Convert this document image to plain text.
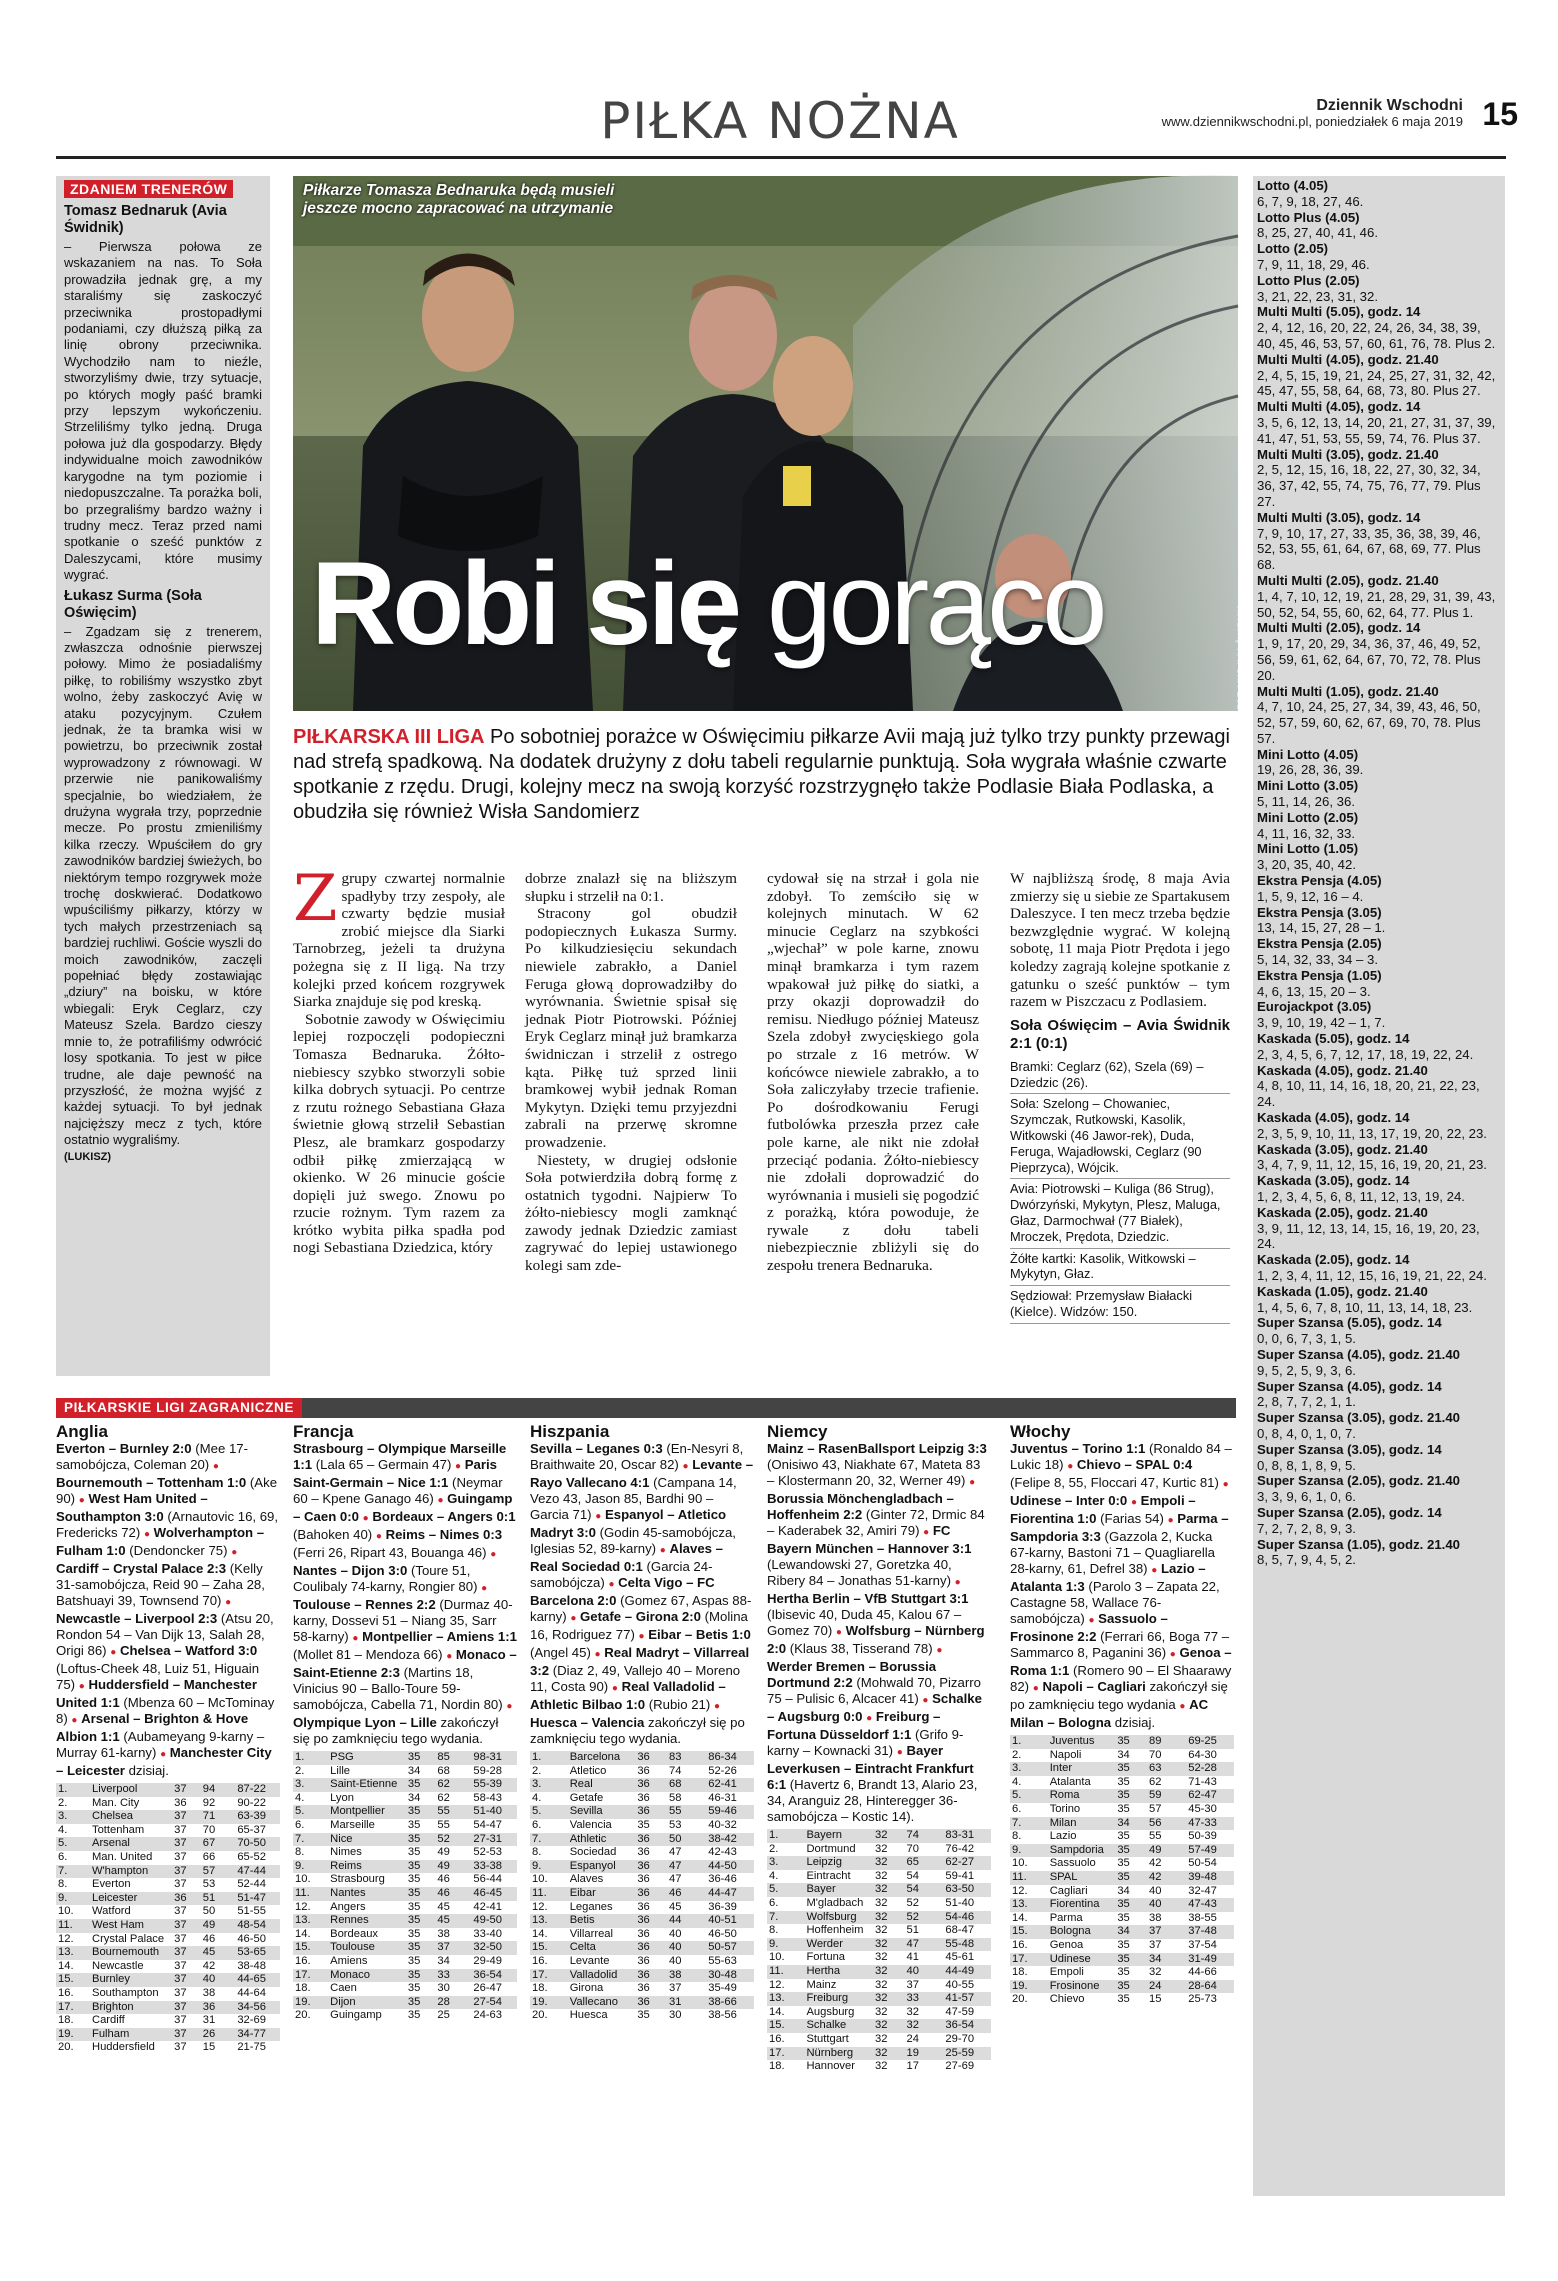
PIŁKA NOŻNA	Dziennik Wschodni
www.dziennikwschodni.pl, poniedziałek 6 maja 2019 15
ZDANIEM TRENERÓW
Tomasz Bednaruk (Avia Świdnik)
– Pierwsza połowa ze wskazaniem na nas. To Soła prowadziła jednak grę, a my staraliśmy się zaskoczyć przeciwnika prostopadłymi podaniami, czy dłuższą piłką za linię obrony przeciwnika. Wychodziło nam to nieźle, stworzyliśmy dwie, trzy sytuacje, po których mogły paść bramki przy lepszym wykończeniu. Strzeliliśmy tylko jedną. Druga połowa już dla gospodarzy. Błędy indywidualne moich zawodników karygodne na tym poziomie i niedopuszczalne. Ta porażka boli, bo przegraliśmy bardzo ważny i trudny mecz. Teraz przed nami spotkanie o sześć punktów z Daleszycami, które musimy wygrać.
Łukasz Surma (Soła Oświęcim)
– Zgadzam się z trenerem, zwłaszcza odnośnie pierwszej połowy. Mimo że posiadaliśmy piłkę, to robiliśmy wszystko zbyt wolno, żeby zaskoczyć Avię w ataku pozycyjnym. Czułem jednak, że ta bramka wisi w powietrzu, bo przeciwnik został wyprowadzony z równowagi. W przerwie nie panikowaliśmy specjalnie, bo wiedziałem, że drużyna wygrała trzy, poprzednie mecze. Po prostu zmieniliśmy kilka rzeczy. Wpuściłem do gry zawodników bardziej świeżych, bo niektórym tempo rozgrywek może trochę doskwierać. Dodatkowo wpuściliśmy piłkarzy, którzy w tych małych przestrzeniach są bardziej ruchliwi. Goście wyszli do moich zawodników, zaczęli popełniać błędy zostawiając „dziury” na boisku, w które wbiegali: Eryk Ceglarz, czy Mateusz Szela. Bardzo cieszy mnie to, że potrafiliśmy odwrócić losy spotkania. To jest w piłce trudne, ale daje pewność na przyszłość, że można wyjść z każdej sytuacji. To był jednak najcięższy mecz z tych, które ostatnio wygraliśmy.
(LUKISZ)
Piłkarze Tomasza Bednaruka będą musieli jeszcze mocno zapracować na utrzymanie
Robi się gorąco	FOT. MKS AVIA ŚWIDNIK
PIŁKARSKA III LIGA Po sobotniej porażce w Oświęcimiu piłkarze Avii mają już tylko trzy punkty przewagi nad strefą spadkową. Na dodatek drużyny z dołu tabeli regularnie punktują. Soła wygrała właśnie czwarte spotkanie z rzędu. Drugi, kolejny mecz na swoją korzyść rozstrzygnęło także Podlasie Biała Podlaska, a obudziła się również Wisła Sandomierz

Zgrupy czwartej normalnie spadłyby trzy zespoły, ale czwarty będzie musiał zrobić miejsce dla Siarki Tarnobrzeg, jeżeli ta drużyna pożegna się z II ligą. Na trzy kolejki przed końcem rozgrywek Siarka znajduje się pod kreską.

Sobotnie zawody w Oświęcimiu lepiej rozpoczęli podopieczni Tomasza Bednaruka. Żółto-niebiescy szybko stworzyli sobie kilka dobrych sytuacji. Po centrze z rzutu rożnego Sebastiana Głaza świetnie głową strzelił Sebastian Plesz, ale bramkarz gospodarzy odbił piłkę zmierzającą w okienko. W 26 minucie goście dopięli już swego. Znowu po rzucie rożnym. Tym razem za krótko wybita piłka spadła pod nogi Sebastiana Dziedzica, który

dobrze znalazł się na bliższym słupku i strzelił na 0:1.

Stracony gol obudził podopiecznych Łukasza Surmy. Po kilkudziesięciu sekundach niewiele zabrakło, a Daniel Feruga głową doprowadziłby do wyrównania. Świetnie spisał się jednak Piotr Piotrowski. Później Eryk Ceglarz minął już bramkarza świdniczan i strzelił z ostrego kąta. Piłkę tuż sprzed linii bramkowej wybił jednak Roman Mykytyn. Dzięki temu przyjezdni zabrali na przerwę skromne prowadzenie.

Niestety, w drugiej odsłonie Soła potwierdziła dobrą formę z ostatnich tygodni. Najpierw To żółto-niebiescy mogli zamknąć zawody jednak Dziedzic zamiast zagrywać do lepiej ustawionego kolegi sam zde-

cydował się na strzał i gola nie zdobył. To zemściło się w kolejnych minutach. W 62 minucie Ceglarz na szybkości „wjechał” w pole karne, znowu minął bramkarza i tym razem wpakował już piłkę do siatki, a przy okazji doprowadził do remisu. Niedługo później Mateusz Szela zdobył zwycięskiego gola po strzale z 16 metrów. W końcówce niewiele zabrakło, a to Soła zaliczyłaby trzecie trafienie. Po dośrodkowaniu Ferugi futbolówka przeszła przez całe pole karne, ale nikt nie zdołał przeciąć podania. Żółto-niebiescy nie zdołali doprowadzić do wyrównania i musieli się pogodzić z porażką, która powoduje, że rywale z dołu tabeli niebezpiecznie zbliżyli się do zespołu trenera Bednaruka.

W najbliższą środę, 8 maja Avia zmierzy się u siebie ze Spartakusem Daleszyce. I ten mecz trzeba będzie bezwzględnie wygrać. W kolejną sobotę, 11 maja Piotr Prędota i jego koledzy zagrają kolejne spotkanie z gatunku o sześć punktów – tym razem w Piszczacu z Podlasiem.

Soła Oświęcim – Avia Świdnik 2:1 (0:1)
Bramki: Ceglarz (62), Szela (69) – Dziedzic (26).
Soła: Szelong – Chowaniec, Szymczak, Rutkowski, Kasolik, Witkowski (46 Jawor-rek), Duda, Feruga, Wajadłowski, Ceglarz (90 Pieprzyca), Wójcik.
Avia: Piotrowski – Kuliga (86 Strug), Dwórzyński, Mykytyn, Plesz, Maluga, Głaz, Darmochwał (77 Białek), Mroczek, Prędota, Dziedzic.
Żółte kartki: Kasolik, Witkowski – Mykytyn, Głaz.
Sędziował: Przemysław Białacki (Kielce). Widzów: 150.
Lotto (4.05)
6, 7, 9, 18, 27, 46.
Lotto Plus (4.05)
8, 25, 27, 40, 41, 46.
Lotto (2.05)
7, 9, 11, 18, 29, 46.
Lotto Plus (2.05)
3, 21, 22, 23, 31, 32.
Multi Multi (5.05), godz. 14
2, 4, 12, 16, 20, 22, 24, 26, 34, 38, 39, 40, 45, 46, 53, 57, 60, 61, 76, 78. Plus 2.
Multi Multi (4.05), godz. 21.40
2, 4, 5, 15, 19, 21, 24, 25, 27, 31, 32, 42, 45, 47, 55, 58, 64, 68, 73, 80. Plus 27.
Multi Multi (4.05), godz. 14
3, 5, 6, 12, 13, 14, 20, 21, 27, 31, 37, 39, 41, 47, 51, 53, 55, 59, 74, 76. Plus 37.
Multi Multi (3.05), godz. 21.40
2, 5, 12, 15, 16, 18, 22, 27, 30, 32, 34, 36, 37, 42, 55, 74, 75, 76, 77, 79. Plus 27.
Multi Multi (3.05), godz. 14
7, 9, 10, 17, 27, 33, 35, 36, 38, 39, 46, 52, 53, 55, 61, 64, 67, 68, 69, 77. Plus 68.
Multi Multi (2.05), godz. 21.40
1, 4, 7, 10, 12, 19, 21, 28, 29, 31, 39, 43, 50, 52, 54, 55, 60, 62, 64, 77. Plus 1.
Multi Multi (2.05), godz. 14
1, 9, 17, 20, 29, 34, 36, 37, 46, 49, 52, 56, 59, 61, 62, 64, 67, 70, 72, 78. Plus 20.
Multi Multi (1.05), godz. 21.40
4, 7, 10, 24, 25, 27, 34, 39, 43, 46, 50, 52, 57, 59, 60, 62, 67, 69, 70, 78. Plus 57.
Mini Lotto (4.05)
19, 26, 28, 36, 39.
Mini Lotto (3.05)
5, 11, 14, 26, 36.
Mini Lotto (2.05)
4, 11, 16, 32, 33.
Mini Lotto (1.05)
3, 20, 35, 40, 42.
Ekstra Pensja (4.05)
1, 5, 9, 12, 16 – 4.
Ekstra Pensja (3.05)
13, 14, 15, 27, 28 – 1.
Ekstra Pensja (2.05)
5, 14, 32, 33, 34 – 3.
Ekstra Pensja (1.05)
4, 6, 13, 15, 20 – 3.
Eurojackpot (3.05)
3, 9, 10, 19, 42 – 1, 7.
Kaskada (5.05), godz. 14
2, 3, 4, 5, 6, 7, 12, 17, 18, 19, 22, 24.
Kaskada (4.05), godz. 21.40
4, 8, 10, 11, 14, 16, 18, 20, 21, 22, 23, 24.
Kaskada (4.05), godz. 14
2, 3, 5, 9, 10, 11, 13, 17, 19, 20, 22, 23.
Kaskada (3.05), godz. 21.40
3, 4, 7, 9, 11, 12, 15, 16, 19, 20, 21, 23.
Kaskada (3.05), godz. 14
1, 2, 3, 4, 5, 6, 8, 11, 12, 13, 19, 24.
Kaskada (2.05), godz. 21.40
3, 9, 11, 12, 13, 14, 15, 16, 19, 20, 23, 24.
Kaskada (2.05), godz. 14
1, 2, 3, 4, 11, 12, 15, 16, 19, 21, 22, 24.
Kaskada (1.05), godz. 21.40
1, 4, 5, 6, 7, 8, 10, 11, 13, 14, 18, 23.
Super Szansa (5.05), godz. 14
0, 0, 6, 7, 3, 1, 5.
Super Szansa (4.05), godz. 21.40
9, 5, 2, 5, 9, 3, 6.
Super Szansa (4.05), godz. 14
2, 8, 7, 7, 2, 1, 1.
Super Szansa (3.05), godz. 21.40
0, 8, 4, 0, 1, 0, 7.
Super Szansa (3.05), godz. 14
0, 8, 8, 1, 8, 9, 5.
Super Szansa (2.05), godz. 21.40
3, 3, 9, 6, 1, 0, 6.
Super Szansa (2.05), godz. 14
7, 2, 7, 2, 8, 9, 3.
Super Szansa (1.05), godz. 21.40
8, 5, 7, 9, 4, 5, 2.
PIŁKARSKIE LIGI ZAGRANICZNE
Anglia
Everton – Burnley 2:0 (Mee 17-samobójcza, Coleman 20) ● Bournemouth – Tottenham 1:0 (Ake 90) ● West Ham United – Southampton 3:0 (Arnautovic 16, 69, Fredericks 72) ● Wolverhampton – Fulham 1:0 (Dendoncker 75) ● Cardiff – Crystal Palace 2:3 (Kelly 31-samobójcza, Reid 90 – Zaha 28, Batshuayi 39, Townsend 70) ● Newcastle – Liverpool 2:3 (Atsu 20, Rondon 54 – Van Dijk 13, Salah 28, Origi 86) ● Chelsea – Watford 3:0 (Loftus-Cheek 48, Luiz 51, Higuain 75) ● Huddersfield – Manchester United 1:1 (Mbenza 60 – McTominay 8) ● Arsenal – Brighton & Hove Albion 1:1 (Aubameyang 9-karny – Murray 61-karny) ● Manchester City – Leicester dzisiaj.
1.	Liverpool	37	94	87-22
2.	Man. City	36	92	90-22
3.	Chelsea	37	71	63-39
4.	Tottenham	37	70	65-37
5.	Arsenal	37	67	70-50
6.	Man. United	37	66	65-52
7.	W'hampton	37	57	47-44
8.	Everton	37	53	52-44
9.	Leicester	36	51	51-47
10.	Watford	37	50	51-55
11.	West Ham	37	49	48-54
12.	Crystal Palace	37	46	46-50
13.	Bournemouth	37	45	53-65
14.	Newcastle	37	42	38-48
15.	Burnley	37	40	44-65
16.	Southampton	37	38	44-64
17.	Brighton	37	36	34-56
18.	Cardiff	37	31	32-69
19.	Fulham	37	26	34-77
20.	Huddersfield	37	15	21-75
Francja
Strasbourg – Olympique Marseille 1:1 (Lala 65 – Germain 47) ● Paris Saint-Germain – Nice 1:1 (Neymar 60 – Kpene Ganago 46) ● Guingamp – Caen 0:0 ● Bordeaux – Angers 0:1 (Bahoken 40) ● Reims – Nimes 0:3 (Ferri 26, Ripart 43, Bouanga 46) ● Nantes – Dijon 3:0 (Toure 51, Coulibaly 74-karny, Rongier 80) ● Toulouse – Rennes 2:2 (Durmaz 40-karny, Dossevi 51 – Niang 35, Sarr 58-karny) ● Montpellier – Amiens 1:1 (Mollet 81 – Mendoza 66) ● Monaco – Saint-Etienne 2:3 (Martins 18, Vinicius 90 – Ballo-Toure 59-samobójcza, Cabella 71, Nordin 80) ● Olympique Lyon – Lille zakończył się po zamknięciu tego wydania.
1.	PSG	35	85	98-31
2.	Lille	34	68	59-28
3.	Saint-Etienne	35	62	55-39
4.	Lyon	34	62	58-43
5.	Montpellier	35	55	51-40
6.	Marseille	35	55	54-47
7.	Nice	35	52	27-31
8.	Nimes	35	49	52-53
9.	Reims	35	49	33-38
10.	Strasbourg	35	46	56-44
11.	Nantes	35	46	46-45
12.	Angers	35	45	42-41
13.	Rennes	35	45	49-50
14.	Bordeaux	35	38	33-40
15.	Toulouse	35	37	32-50
16.	Amiens	35	34	29-49
17.	Monaco	35	33	36-54
18.	Caen	35	30	26-47
19.	Dijon	35	28	27-54
20.	Guingamp	35	25	24-63
Hiszpania
Sevilla – Leganes 0:3 (En-Nesyri 8, Braithwaite 20, Oscar 82) ● Levante – Rayo Vallecano 4:1 (Campana 14, Vezo 43, Jason 85, Bardhi 90 – Garcia 71) ● Espanyol – Atletico Madryt 3:0 (Godin 45-samobójcza, Iglesias 52, 89-karny) ● Alaves – Real Sociedad 0:1 (Garcia 24-samobójcza) ● Celta Vigo – FC Barcelona 2:0 (Gomez 67, Aspas 88-karny) ● Getafe – Girona 2:0 (Molina 16, Rodriguez 77) ● Eibar – Betis 1:0 (Angel 45) ● Real Madryt – Villarreal 3:2 (Diaz 2, 49, Vallejo 40 – Moreno 11, Costa 90) ● Real Valladolid – Athletic Bilbao 1:0 (Rubio 21) ● Huesca – Valencia zakończył się po zamknięciu tego wydania.
1.	Barcelona	36	83	86-34
2.	Atletico	36	74	52-26
3.	Real	36	68	62-41
4.	Getafe	36	58	46-31
5.	Sevilla	36	55	59-46
6.	Valencia	35	53	40-32
7.	Athletic	36	50	38-42
8.	Sociedad	36	47	42-43
9.	Espanyol	36	47	44-50
10.	Alaves	36	47	36-46
11.	Eibar	36	46	44-47
12.	Leganes	36	45	36-39
13.	Betis	36	44	40-51
14.	Villarreal	36	40	46-50
15.	Celta	36	40	50-57
16.	Levante	36	40	55-63
17.	Valladolid	36	38	30-48
18.	Girona	36	37	35-49
19.	Vallecano	36	31	38-66
20.	Huesca	35	30	38-56
Niemcy
Mainz – RasenBallsport Leipzig 3:3 (Onisiwo 43, Niakhate 67, Mateta 83 – Klostermann 20, 32, Werner 49) ● Borussia Mönchengladbach – Hoffenheim 2:2 (Ginter 72, Drmic 84 – Kaderabek 32, Amiri 79) ● FC Bayern München – Hannover 3:1 (Lewandowski 27, Goretzka 40, Ribery 84 – Jonathas 51-karny) ● Hertha Berlin – VfB Stuttgart 3:1 (Ibisevic 40, Duda 45, Kalou 67 – Gomez 70) ● Wolfsburg – Nürnberg 2:0 (Klaus 38, Tisserand 78) ● Werder Bremen – Borussia Dortmund 2:2 (Mohwald 70, Pizarro 75 – Pulisic 6, Alcacer 41) ● Schalke – Augsburg 0:0 ● Freiburg – Fortuna Düsseldorf 1:1 (Grifo 9-karny – Kownacki 31) ● Bayer Leverkusen – Eintracht Frankfurt 6:1 (Havertz 6, Brandt 13, Alario 23, 34, Aranguiz 28, Hinteregger 36-samobójcza – Kostic 14).
1.	Bayern	32	74	83-31
2.	Dortmund	32	70	76-42
3.	Leipzig	32	65	62-27
4.	Eintracht	32	54	59-41
5.	Bayer	32	54	63-50
6.	M'gladbach	32	52	51-40
7.	Wolfsburg	32	52	54-46
8.	Hoffenheim	32	51	68-47
9.	Werder	32	47	55-48
10.	Fortuna	32	41	45-61
11.	Hertha	32	40	44-49
12.	Mainz	32	37	40-55
13.	Freiburg	32	33	41-57
14.	Augsburg	32	32	47-59
15.	Schalke	32	32	36-54
16.	Stuttgart	32	24	29-70
17.	Nürnberg	32	19	25-59
18.	Hannover	32	17	27-69
Włochy
Juventus – Torino 1:1 (Ronaldo 84 – Lukic 18) ● Chievo – SPAL 0:4 (Felipe 8, 55, Floccari 47, Kurtic 81) ● Udinese – Inter 0:0 ● Empoli – Fiorentina 1:0 (Farias 54) ● Parma – Sampdoria 3:3 (Gazzola 2, Kucka 67-karny, Bastoni 71 – Quagliarella 28-karny, 61, Defrel 38) ● Lazio – Atalanta 1:3 (Parolo 3 – Zapata 22, Castagne 58, Wallace 76-samobójcza) ● Sassuolo – Frosinone 2:2 (Ferrari 66, Boga 77 – Sammarco 8, Paganini 36) ● Genoa – Roma 1:1 (Romero 90 – El Shaarawy 82) ● Napoli – Cagliari zakończył się po zamknięciu tego wydania ● AC Milan – Bologna dzisiaj.
1.	Juventus	35	89	69-25
2.	Napoli	34	70	64-30
3.	Inter	35	63	52-28
4.	Atalanta	35	62	71-43
5.	Roma	35	59	62-47
6.	Torino	35	57	45-30
7.	Milan	34	56	47-33
8.	Lazio	35	55	50-39
9.	Sampdoria	35	49	57-49
10.	Sassuolo	35	42	50-54
11.	SPAL	35	42	39-48
12.	Cagliari	34	40	32-47
13.	Fiorentina	35	40	47-43
14.	Parma	35	38	38-55
15.	Bologna	34	37	37-48
16.	Genoa	35	37	37-54
17.	Udinese	35	34	31-49
18.	Empoli	35	32	44-66
19.	Frosinone	35	24	28-64
20.	Chievo	35	15	25-73
